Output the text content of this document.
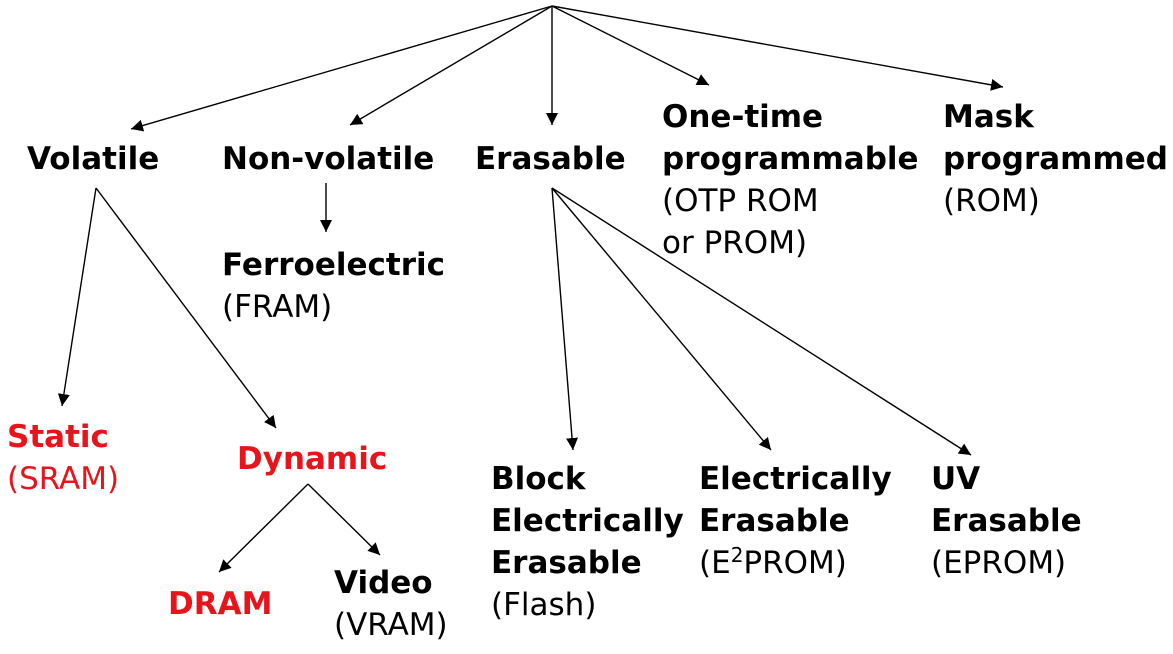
Volatile Non-volatile Erasable
One-time
programmable
(OTP ROM
or PROM)
Mask
programmed
(ROM)
Ferroelectric
(FRAM)
Static
(SRAM)
Dynamic
DRAM
Video
(VRAM)
Block
Electrically
Erasable
(Flash)
Electrically
Erasable
$(E^2PROM)$
UV
Erasable
(EPROM)
